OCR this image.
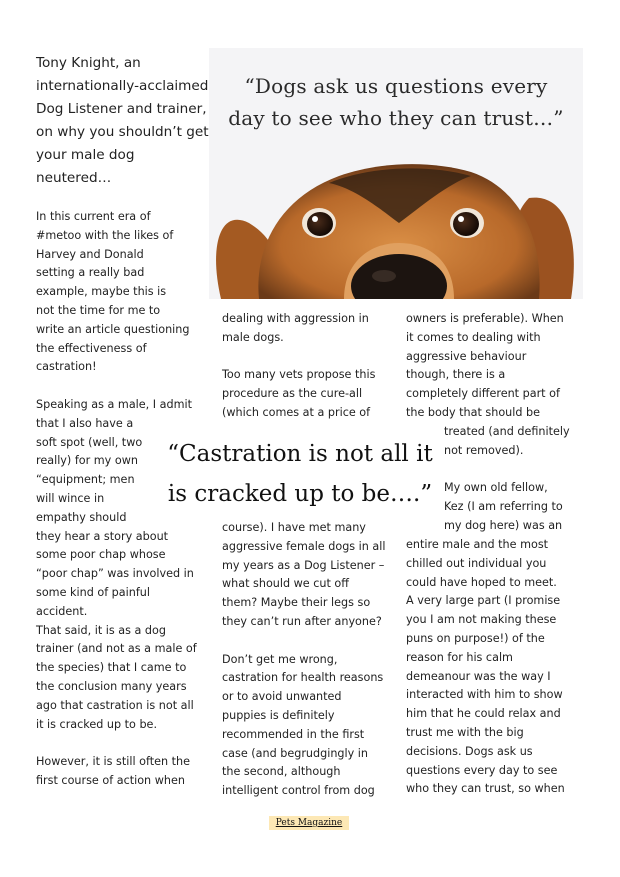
Tony Knight, an
internationally-acclaimed
Dog Listener and trainer,
on why you shouldn’t get
your male dog
neutered…
“Dogs ask us questions every
day to see who they can trust…”

In this current era of
#metoo with the likes of
Harvey and Donald
setting a really bad
example, maybe this is
not the time for me to
write an article questioning
the effectiveness of
castration!

Speaking as a male, I admit
that I also have a
soft spot (well, two
really) for my own
“equipment; men
will wince in
empathy should
they hear a story about
some poor chap whose
“poor chap” was involved in
some kind of painful
accident.

That said, it is as a dog
trainer (and not as a male of
the species) that I came to
the conclusion many years
ago that castration is not all
it is cracked up to be.

However, it is still often the
first course of action when

dealing with aggression in
male dogs.

Too many vets propose this
procedure as the cure-all
(which comes at a price of

“Castration is not all it
is cracked up to be….”

course). I have met many
aggressive female dogs in all
my years as a Dog Listener –
what should we cut off
them? Maybe their legs so
they can’t run after anyone?

Don’t get me wrong,
castration for health reasons
or to avoid unwanted
puppies is definitely
recommended in the first
case (and begrudgingly in
the second, although
intelligent control from dog

owners is preferable). When
it comes to dealing with
aggressive behaviour
though, there is a
completely different part of
the body that should be

treated (and definitely
not removed).

My own old fellow,
Kez (I am referring to
my dog here) was an

entire male and the most
chilled out individual you
could have hoped to meet.
A very large part (I promise
you I am not making these
puns on purpose!) of the
reason for his calm
demeanour was the way I
interacted with him to show
him that he could relax and
trust me with the big
decisions. Dogs ask us
questions every day to see
who they can trust, so when

Pets Magazine
